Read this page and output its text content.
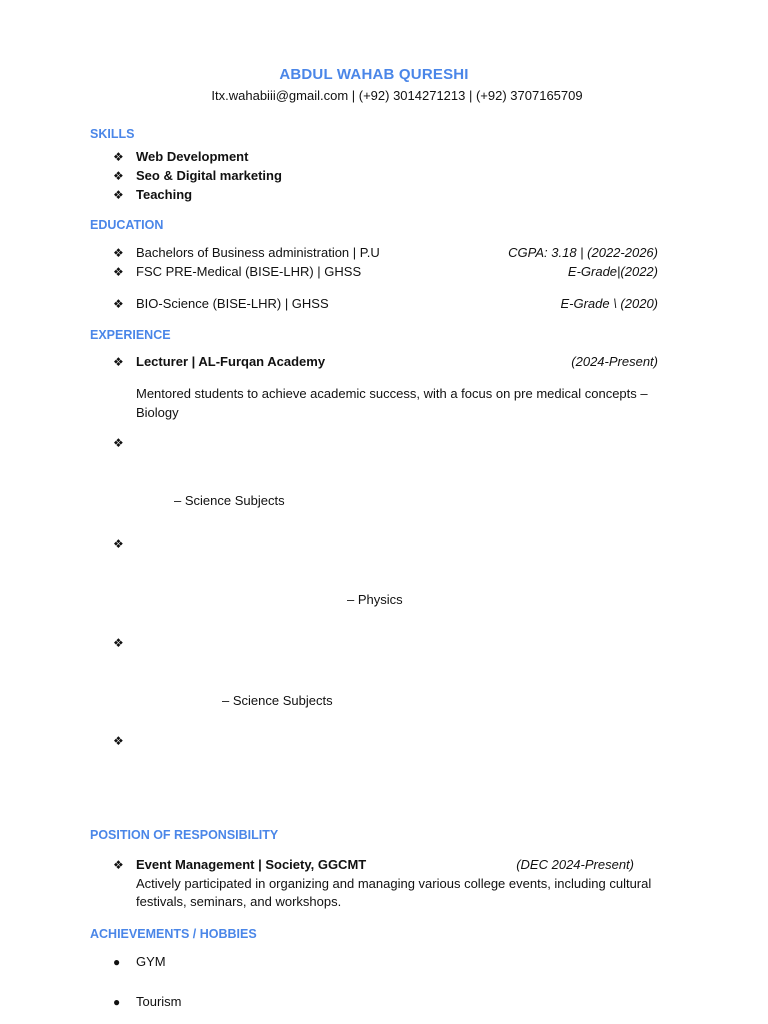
ABDUL WAHAB QURESHI
Itx.wahabiii@gmail.com | (+92) 3014271213 | (+92) 3707165709
SKILLS
❖ Web Development
❖ Seo & Digital marketing
❖ Teaching
EDUCATION
❖ Bachelors of Business administration | P.U	CGPA: 3.18 | (2022-2026)
❖ FSC PRE-Medical (BISE-LHR) | GHSS	E-Grade|(2022)
❖ BIO-Science (BISE-LHR) | GHSS	E-Grade \ (2020)
EXPERIENCE
❖ Lecturer | AL-Furqan Academy	(2024-Present)
Mentored students to achieve academic success, with a focus on pre medical concepts – Biology
❖
– Science Subjects
❖
– Physics
❖
– Science Subjects
❖
POSITION OF RESPONSIBILITY
❖ Event Management | Society, GGCMT	(DEC 2024-Present)
Actively participated in organizing and managing various college events, including cultural festivals, seminars, and workshops.
ACHIEVEMENTS / HOBBIES
● GYM
● Tourism
